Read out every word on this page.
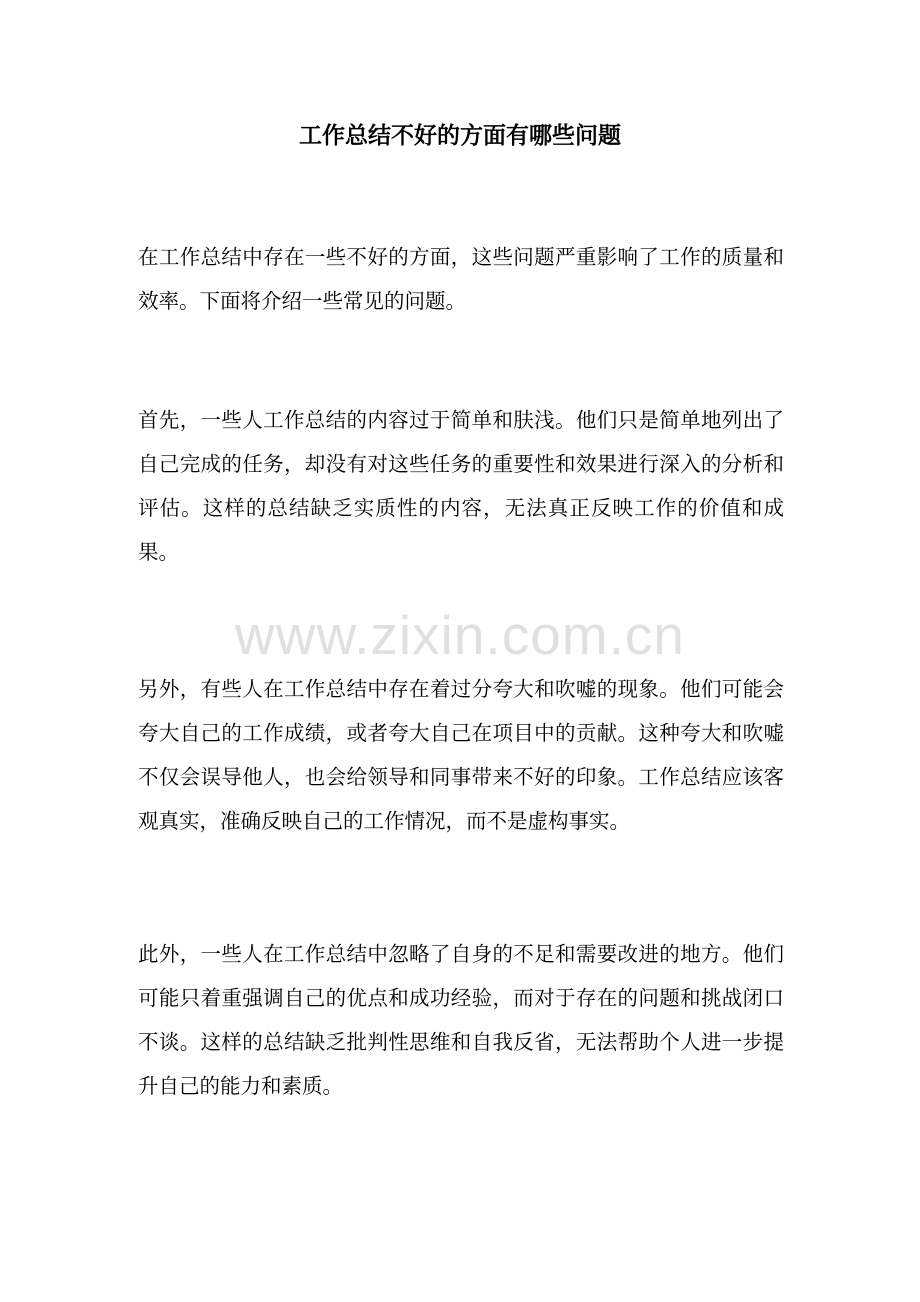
工作总结不好的方面有哪些问题

在工作总结中存在一些不好的方面，这些问题严重影响了工作的质量和效率。下面将介绍一些常见的问题。

首先，一些人工作总结的内容过于简单和肤浅。他们只是简单地列出了自己完成的任务，却没有对这些任务的重要性和效果进行深入的分析和评估。这样的总结缺乏实质性的内容，无法真正反映工作的价值和成果。

www.zixin.com.cn

另外，有些人在工作总结中存在着过分夸大和吹嘘的现象。他们可能会夸大自己的工作成绩，或者夸大自己在项目中的贡献。这种夸大和吹嘘不仅会误导他人，也会给领导和同事带来不好的印象。工作总结应该客观真实，准确反映自己的工作情况，而不是虚构事实。

此外，一些人在工作总结中忽略了自身的不足和需要改进的地方。他们可能只着重强调自己的优点和成功经验，而对于存在的问题和挑战闭口不谈。这样的总结缺乏批判性思维和自我反省，无法帮助个人进一步提升自己的能力和素质。
